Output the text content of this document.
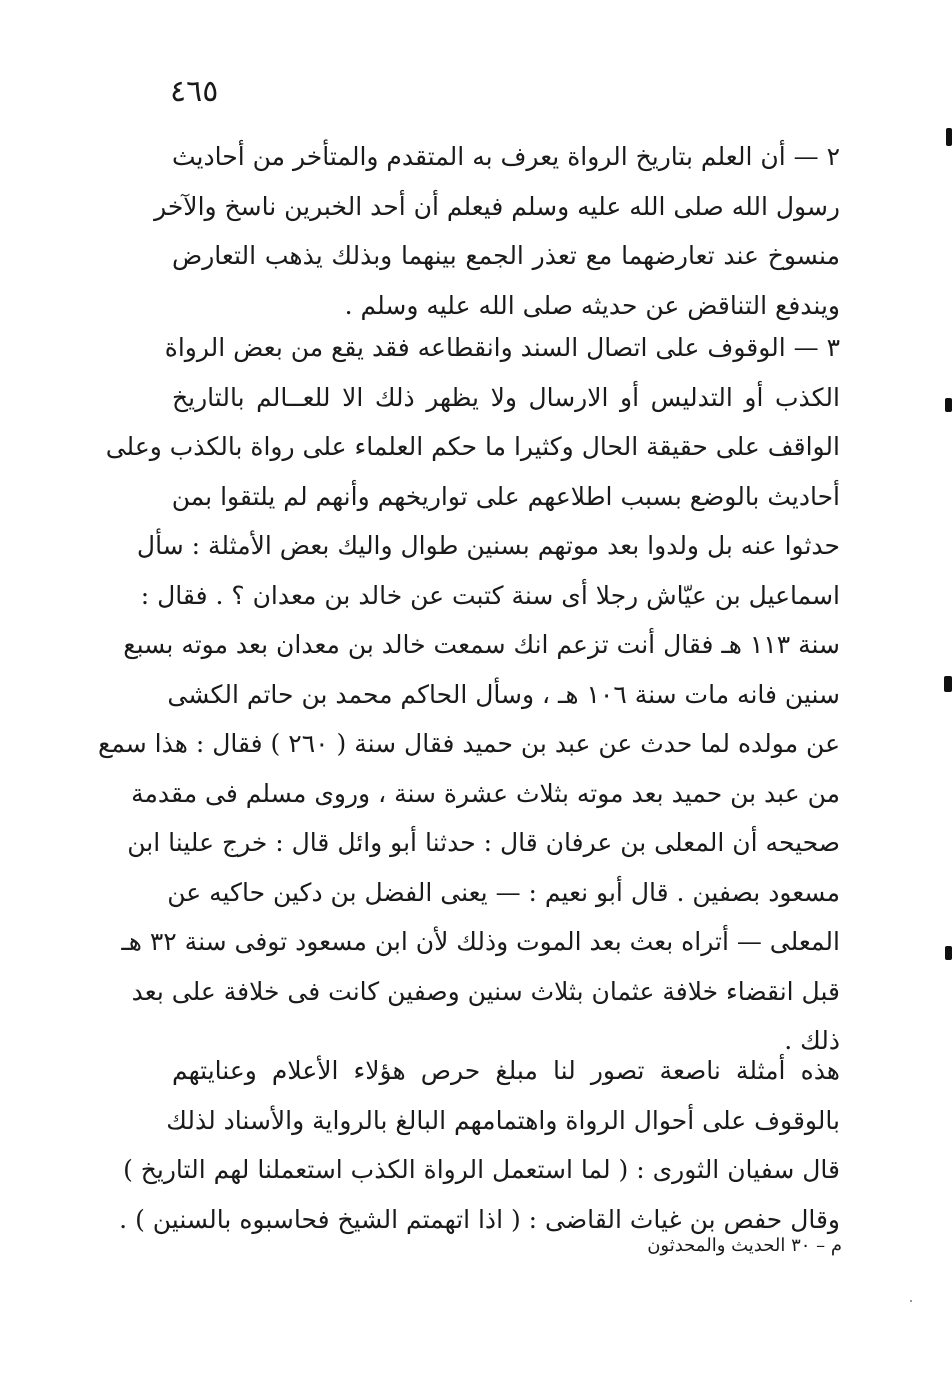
٤٦٥
٢ — أن العلم بتاريخ الرواة يعرف به المتقدم والمتأخر من أحاديث
رسول الله صلى الله عليه وسلم فيعلم أن أحد الخبرين ناسخ والآخر
منسوخ عند تعارضهما مع تعذر الجمع بينهما وبذلك يذهب التعارض
ويندفع التناقض عن حديثه صلى الله عليه وسلم .
٣ — الوقوف على اتصال السند وانقطاعه فقد يقع من بعض الرواة
الكذب أو التدليس أو الارسال ولا يظهر ذلك الا للعــالم بالتاريخ
الواقف على حقيقة الحال وكثيرا ما حكم العلماء على رواة بالكذب وعلى
أحاديث بالوضع بسبب اطلاعهم على تواريخهم وأنهم لم يلتقوا بمن
حدثوا عنه بل ولدوا بعد موتهم بسنين طوال واليك بعض الأمثلة : سأل
اسماعيل بن عيّاش رجلا أى سنة كتبت عن خالد بن معدان ؟ . فقال :
سنة ١١٣ هـ فقال أنت تزعم انك سمعت خالد بن معدان بعد موته بسبع
سنين فانه مات سنة ١٠٦ هـ ، وسأل الحاكم محمد بن حاتم الكشى
عن مولده لما حدث عن عبد بن حميد فقال سنة ( ٢٦٠ ) فقال : هذا سمع
من عبد بن حميد بعد موته بثلاث عشرة سنة ، وروى مسلم فى مقدمة
صحيحه أن المعلى بن عرفان قال : حدثنا أبو وائل قال : خرج علينا ابن
مسعود بصفين . قال أبو نعيم : — يعنى الفضل بن دكين حاكيه عن
المعلى — أتراه بعث بعد الموت وذلك لأن ابن مسعود توفى سنة ٣٢ هـ
قبل انقضاء خلافة عثمان بثلاث سنين وصفين كانت فى خلافة على بعد
ذلك .
هذه أمثلة ناصعة تصور لنا مبلغ حرص هؤلاء الأعلام وعنايتهم
بالوقوف على أحوال الرواة واهتمامهم البالغ بالرواية والأسناد لذلك
قال سفيان الثورى : ( لما استعمل الرواة الكذب استعملنا لهم التاريخ )
وقال حفص بن غياث القاضى : ( اذا اتهمتم الشيخ فحاسبوه بالسنين ) .
م – ٣٠ الحديث والمحدثون
